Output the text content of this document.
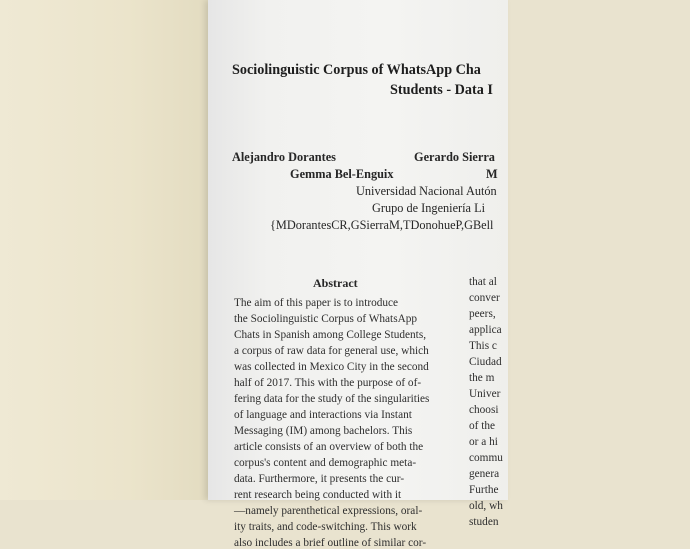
Sociolinguistic Corpus of WhatsApp Cha
Students - Data I
Alejandro Dorantes	Gerardo Sierra
Gemma Bel-Enguix	M
Universidad Nacional Autón
Grupo de Ingeniería Li
{MDorantesCR,GSierraM,TDonohueP,GBell
Abstract
The aim of this paper is to introduce
the Sociolinguistic Corpus of WhatsApp
Chats in Spanish among College Students,
a corpus of raw data for general use, which
was collected in Mexico City in the second
half of 2017. This with the purpose of of-
fering data for the study of the singularities
of language and interactions via Instant
Messaging (IM) among bachelors. This
article consists of an overview of both the
corpus's content and demographic meta-
data. Furthermore, it presents the cur-
rent research being conducted with it
—namely parenthetical expressions, oral-
ity traits, and code-switching. This work
also includes a brief outline of similar cor-
that al
conver
peers,
applica
This c
Ciudad
the m
Univer
choosi
of the
or a hi
commu
genera
Furthe
old, wh
studen
